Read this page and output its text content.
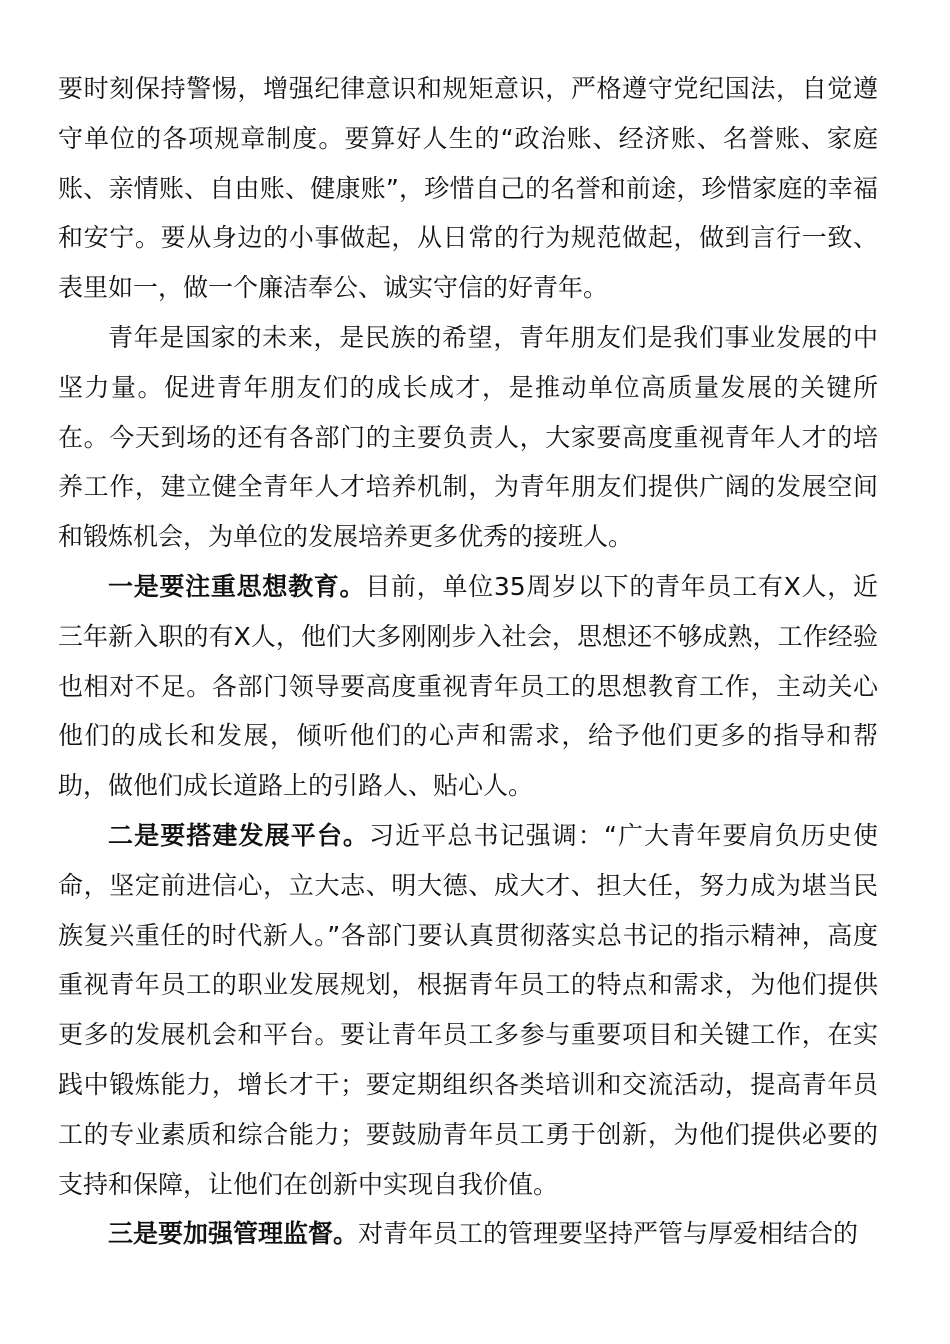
要时刻保持警惕，增强纪律意识和规矩意识，严格遵守党纪国法，自觉遵守单位的各项规章制度。要算好人生的“政治账、经济账、名誉账、家庭账、亲情账、自由账、健康账”，珍惜自己的名誉和前途，珍惜家庭的幸福和安宁。要从身边的小事做起，从日常的行为规范做起，做到言行一致、表里如一，做一个廉洁奉公、诚实守信的好青年。

青年是国家的未来，是民族的希望，青年朋友们是我们事业发展的中坚力量。促进青年朋友们的成长成才，是推动单位高质量发展的关键所在。今天到场的还有各部门的主要负责人，大家要高度重视青年人才的培养工作，建立健全青年人才培养机制，为青年朋友们提供广阔的发展空间和锻炼机会，为单位的发展培养更多优秀的接班人。

一是要注重思想教育。目前，单位35周岁以下的青年员工有X人，近三年新入职的有X人，他们大多刚刚步入社会，思想还不够成熟，工作经验也相对不足。各部门领导要高度重视青年员工的思想教育工作，主动关心他们的成长和发展，倾听他们的心声和需求，给予他们更多的指导和帮助，做他们成长道路上的引路人、贴心人。

二是要搭建发展平台。习近平总书记强调：“广大青年要肩负历史使命，坚定前进信心，立大志、明大德、成大才、担大任，努力成为堪当民族复兴重任的时代新人。”各部门要认真贯彻落实总书记的指示精神，高度重视青年员工的职业发展规划，根据青年员工的特点和需求，为他们提供更多的发展机会和平台。要让青年员工多参与重要项目和关键工作，在实践中锻炼能力，增长才干；要定期组织各类培训和交流活动，提高青年员工的专业素质和综合能力；要鼓励青年员工勇于创新，为他们提供必要的支持和保障，让他们在创新中实现自我价值。

三是要加强管理监督。对青年员工的管理要坚持严管与厚爱相结合的
